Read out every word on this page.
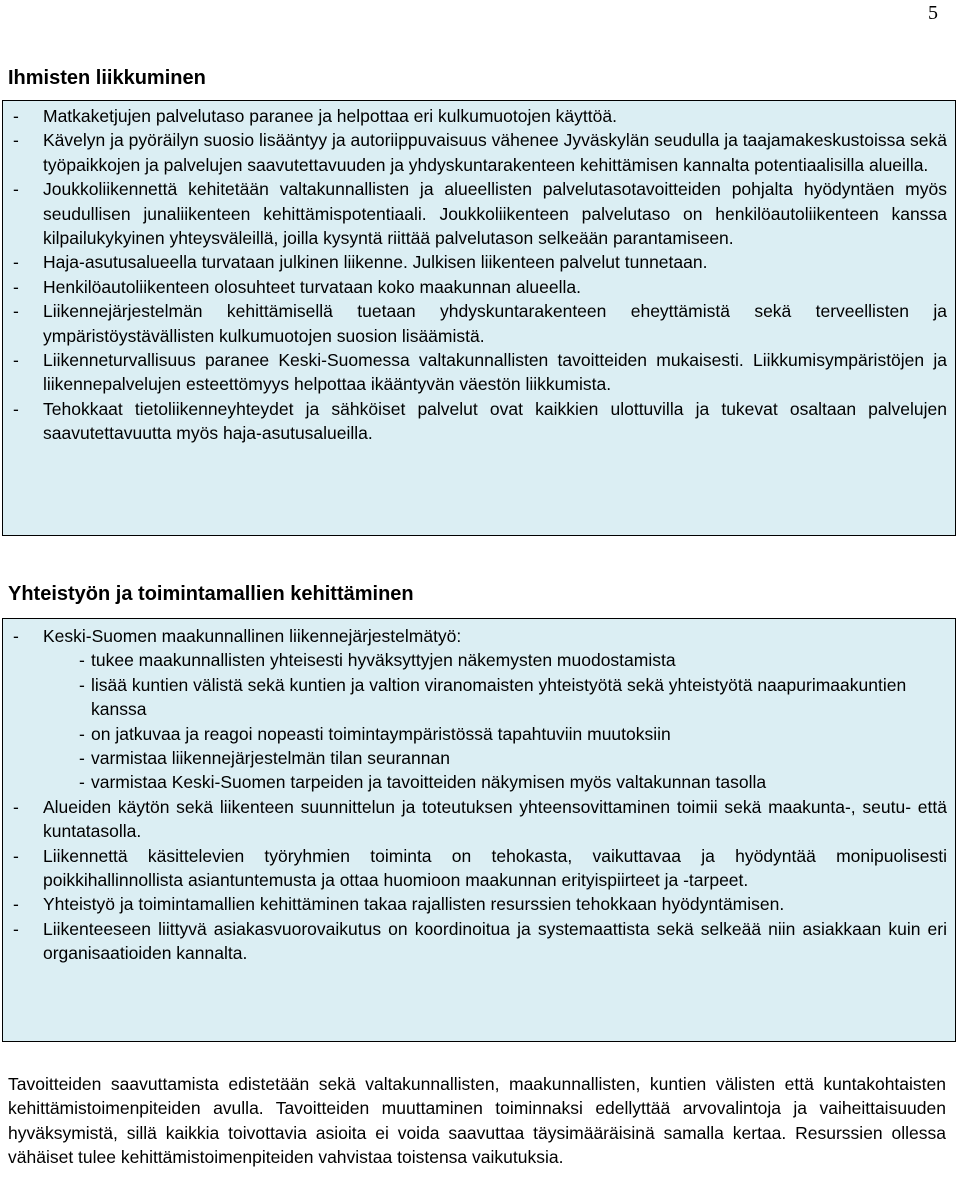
5
Ihmisten liikkuminen
- Matkaketjujen palvelutaso paranee ja helpottaa eri kulkumuotojen käyttöä.
- Kävelyn ja pyöräilyn suosio lisääntyy ja autoriippuvaisuus vähenee Jyväskylän seudulla ja taajamakeskustoissa sekä työpaikkojen ja palvelujen saavutettavuuden ja yhdyskuntarakenteen kehittämisen kannalta potentiaalisilla alueilla.
- Joukkoliikennettä kehitetään valtakunnallisten ja alueellisten palvelutasotavoitteiden pohjalta hyödyntäen myös seudullisen junaliikenteen kehittämispotentiaali. Joukkoliikenteen palvelutaso on henkilöautoliikenteen kanssa kilpailukykyinen yhteysväleillä, joilla kysyntä riittää palvelutason selkeään parantamiseen.
- Haja-asutusalueella turvataan julkinen liikenne. Julkisen liikenteen palvelut tunnetaan.
- Henkilöautoliikenteen olosuhteet turvataan koko maakunnan alueella.
- Liikennejärjestelmän kehittämisellä tuetaan yhdyskuntarakenteen eheyttämistä sekä terveellisten ja ympäristöystävällisten kulkumuotojen suosion lisäämistä.
- Liikenneturvallisuus paranee Keski-Suomessa valtakunnallisten tavoitteiden mukaisesti. Liikkumisympäristöjen ja liikennepalvelujen esteettömyys helpottaa ikääntyvän väestön liikkumista.
- Tehokkaat tietoliikenneyhteydet ja sähköiset palvelut ovat kaikkien ulottuvilla ja tukevat osaltaan palvelujen saavutettavuutta myös haja-asutusalueilla.
Yhteistyön ja toimintamallien kehittäminen
- Keski-Suomen maakunnallinen liikennejärjestelmätyö:
- tukee maakunnallisten yhteisesti hyväksyttyjen näkemysten muodostamista
- lisää kuntien välistä sekä kuntien ja valtion viranomaisten yhteistyötä sekä yhteistyötä naapurimaakuntien kanssa
- on jatkuvaa ja reagoi nopeasti toimintaympäristössä tapahtuviin muutoksiin
- varmistaa liikennejärjestelmän tilan seurannan
- varmistaa Keski-Suomen tarpeiden ja tavoitteiden näkymisen myös valtakunnan tasolla
- Alueiden käytön sekä liikenteen suunnittelun ja toteutuksen yhteensovittaminen toimii sekä maakunta-, seutu- että kuntatasolla.
- Liikennettä käsittelevien työryhmien toiminta on tehokasta, vaikuttavaa ja hyödyntää monipuolisesti poikkihallinnollista asiantuntemusta ja ottaa huomioon maakunnan erityispiirteet ja -tarpeet.
- Yhteistyö ja toimintamallien kehittäminen takaa rajallisten resurssien tehokkaan hyödyntämisen.
- Liikenteeseen liittyvä asiakasvuorovaikutus on koordinoitua ja systemaattista sekä selkeää niin asiakkaan kuin eri organisaatioiden kannalta.

Tavoitteiden saavuttamista edistetään sekä valtakunnallisten, maakunnallisten, kuntien välisten että kuntakohtaisten kehittämistoimenpiteiden avulla. Tavoitteiden muuttaminen toiminnaksi edellyttää arvovalintoja ja vaiheittaisuuden hyväksymistä, sillä kaikkia toivottavia asioita ei voida saavuttaa täysimääräisinä samalla kertaa. Resurssien ollessa vähäiset tulee kehittämistoimenpiteiden vahvistaa toistensa vaikutuksia.
